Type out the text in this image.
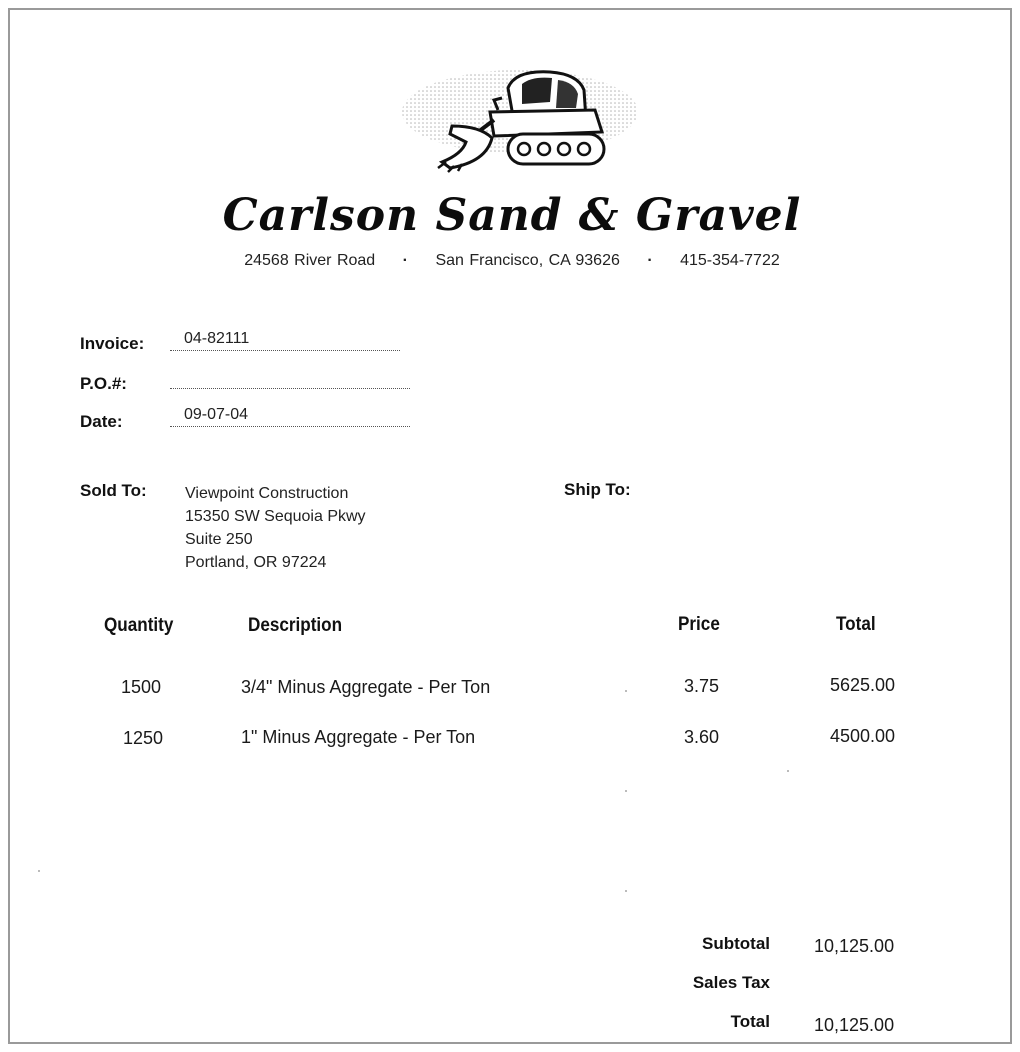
Carlson Sand & Gravel
24568 River Road · San Francisco, CA 93626 · 415-354-7722
Invoice: 04-82111
P.O.#:
Date:	09-07-04
Sold To: Viewpoint Construction
15350 SW Sequoia Pkwy
Suite 250
Portland, OR 97224
Ship To:
Quantity	Description	Price	Total
1500	3/4" Minus Aggregate - Per Ton	3.75	5625.00
1250	1" Minus Aggregate - Per Ton	3.60	4500.00
Subtotal 10,125.00
Sales Tax
Total 10,125.00
